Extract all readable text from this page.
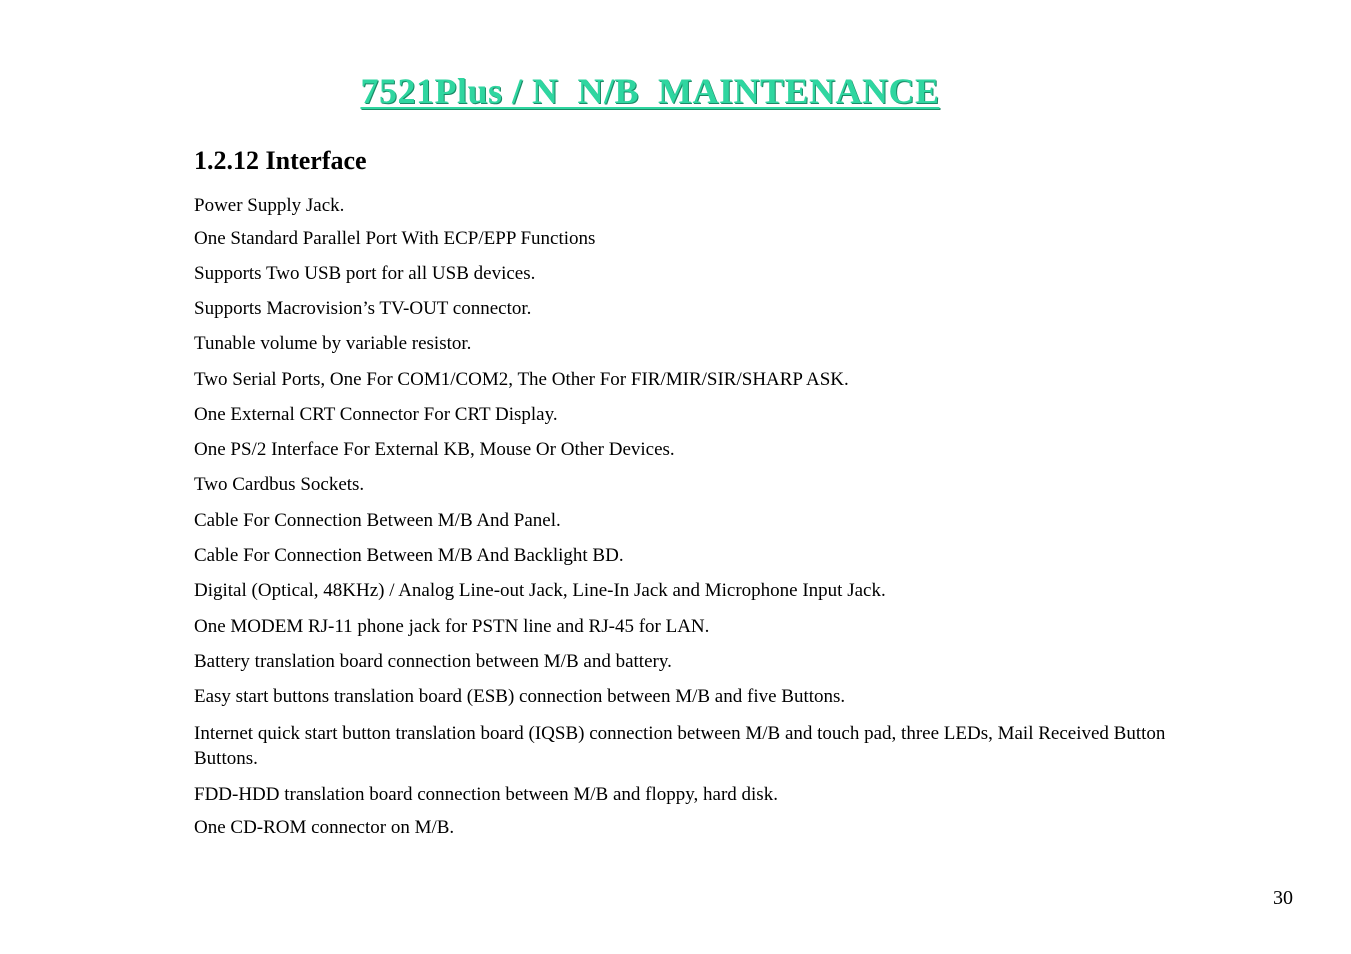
7521Plus / N  N/B  MAINTENANCE
1.2.12 Interface
Power Supply Jack.
One Standard Parallel Port With ECP/EPP Functions
Supports Two USB port for all USB devices.
Supports Macrovision’s TV-OUT connector.
Tunable volume by variable resistor.
Two Serial Ports, One For COM1/COM2, The Other For FIR/MIR/SIR/SHARP ASK.
One External CRT Connector For CRT Display.
One PS/2 Interface For External KB, Mouse Or Other Devices.
Two Cardbus Sockets.
Cable For Connection Between M/B And Panel.
Cable For Connection Between M/B And Backlight BD.
Digital (Optical, 48KHz) / Analog Line-out Jack, Line-In Jack and Microphone Input Jack.
One MODEM RJ-11 phone jack for PSTN line and RJ-45 for LAN.
Battery translation board connection between M/B and battery.
Easy start buttons translation board (ESB) connection between M/B and five Buttons.
Internet quick start button translation board (IQSB) connection between M/B and touch pad, three LEDs, Mail Received Button Buttons.
FDD-HDD translation board connection between M/B and floppy, hard disk.
One CD-ROM connector on M/B.
30
